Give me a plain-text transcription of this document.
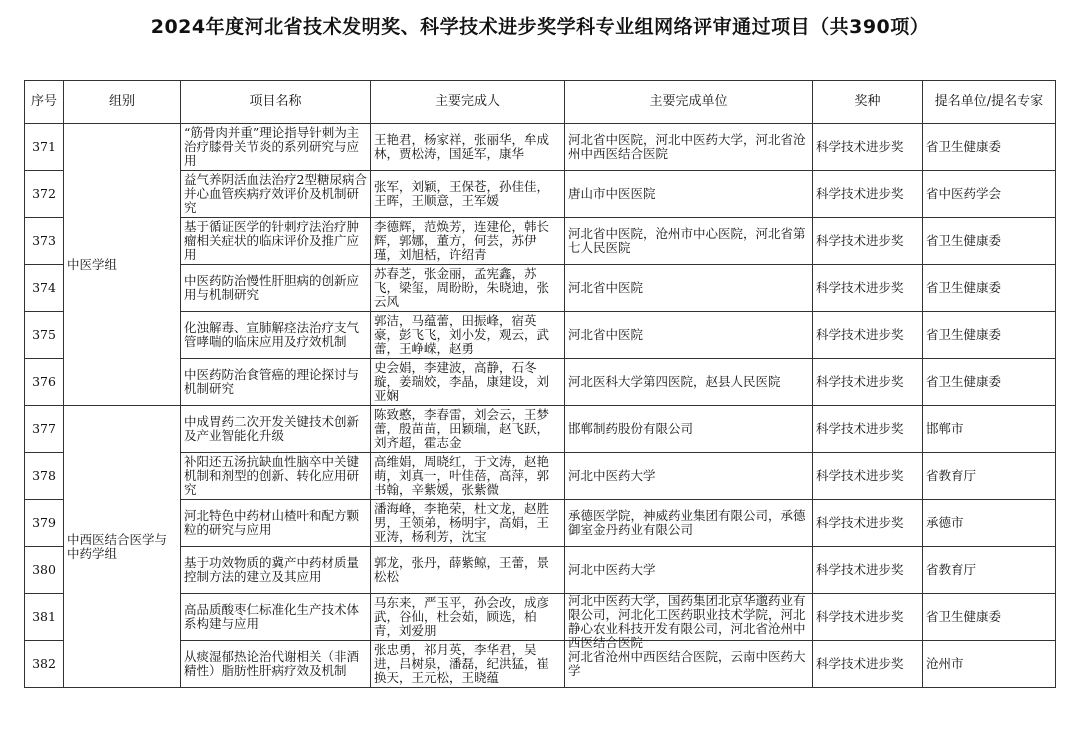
2024年度河北省技术发明奖、科学技术进步奖学科专业组网络评审通过项目（共390项）
序号	组别	项目名称	主要完成人	主要完成单位	奖种	提名单位/提名专家

371	中医学组	“筋骨肉并重”理论指导针刺为主治疗膝骨关节炎的系列研究与应用	王艳君，杨家祥，张丽华，牟成林，贾松涛，国延军，康华	河北省中医院，河北中医药大学，河北省沧州中西医结合医院	科学技术进步奖	省卫生健康委

372		益气养阴活血法治疗2型糖尿病合并心血管疾病疗效评价及机制研究	张军，刘颖，王保苍，孙佳佳，王晖，王顺意，王军媛	唐山市中医医院	科学技术进步奖	省中医药学会

373		基于循证医学的针刺疗法治疗肿瘤相关症状的临床评价及推广应用	李德辉，范焕芳，连建伦，韩长辉，郭娜，董方，何芸，苏伊瑾，刘旭栝，许绍青	河北省中医院，沧州市中心医院，河北省第七人民医院	科学技术进步奖	省卫生健康委

374		中医药防治慢性肝胆病的创新应用与机制研究	苏春芝，张金丽，孟宪鑫，苏飞，梁玺，周盼盼，朱晓迪，张云风	河北省中医院	科学技术进步奖	省卫生健康委

375		化浊解毒、宣肺解痉法治疗支气管哮喘的临床应用及疗效机制	郭洁，马蕴蕾，田振峰，宿英豪，彭飞飞，刘小发，观云，武蕾，王峥嵘，赵勇	河北省中医院	科学技术进步奖	省卫生健康委

376		中医药防治食管癌的理论探讨与机制研究	史会娟，李建波，高静，石冬璇，姜瑞姣，李晶，康建设，刘亚娴	河北医科大学第四医院，赵县人民医院	科学技术进步奖	省卫生健康委

377	中西医结合医学与中药学组	中成胃药二次开发关键技术创新及产业智能化升级	陈致憨，李春雷，刘会云，王梦蕾，殷苗苗，田颖瑞，赵飞跃，刘齐超，霍志金	邯郸制药股份有限公司	科学技术进步奖	邯郸市

378		补阳还五汤抗缺血性脑卒中关键机制和剂型的创新、转化应用研究	高维娟，周晓红，于文涛，赵艳萌，刘真一，叶佳蓓，高萍，郭书翰，辛紫媛，张紫微	河北中医药大学	科学技术进步奖	省教育厅

379		河北特色中药材山楂叶和配方颗粒的研究与应用	潘海峰，李艳荣，杜文龙，赵胜男，王领弟，杨明宇，高娟，王亚涛，杨利芳，沈宝	承德医学院，神威药业集团有限公司，承德御室金丹药业有限公司	科学技术进步奖	承德市

380		基于功效物质的冀产中药材质量控制方法的建立及其应用	郭龙，张丹，薛紫鲸，王蕾，景松松	河北中医药大学	科学技术进步奖	省教育厅

381		高品质酸枣仁标准化生产技术体系构建与应用	马东来，严玉平，孙会改，成彦武，谷仙，杜会茹，顾选，柏青，刘爱朋	河北中医药大学，国药集团北京华邈药业有限公司，河北化工医药职业技术学院，河北静心农业科技开发有限公司，河北省沧州中西医结合医院	科学技术进步奖	省卫生健康委

382		从痰湿郁热论治代谢相关（非酒精性）脂肪性肝病疗效及机制	张忠勇，祁月英，李华君，吴进，吕树泉，潘磊，纪洪猛，崔换天，王元松，王晓蕴	河北省沧州中西医结合医院，云南中医药大学	科学技术进步奖	沧州市
